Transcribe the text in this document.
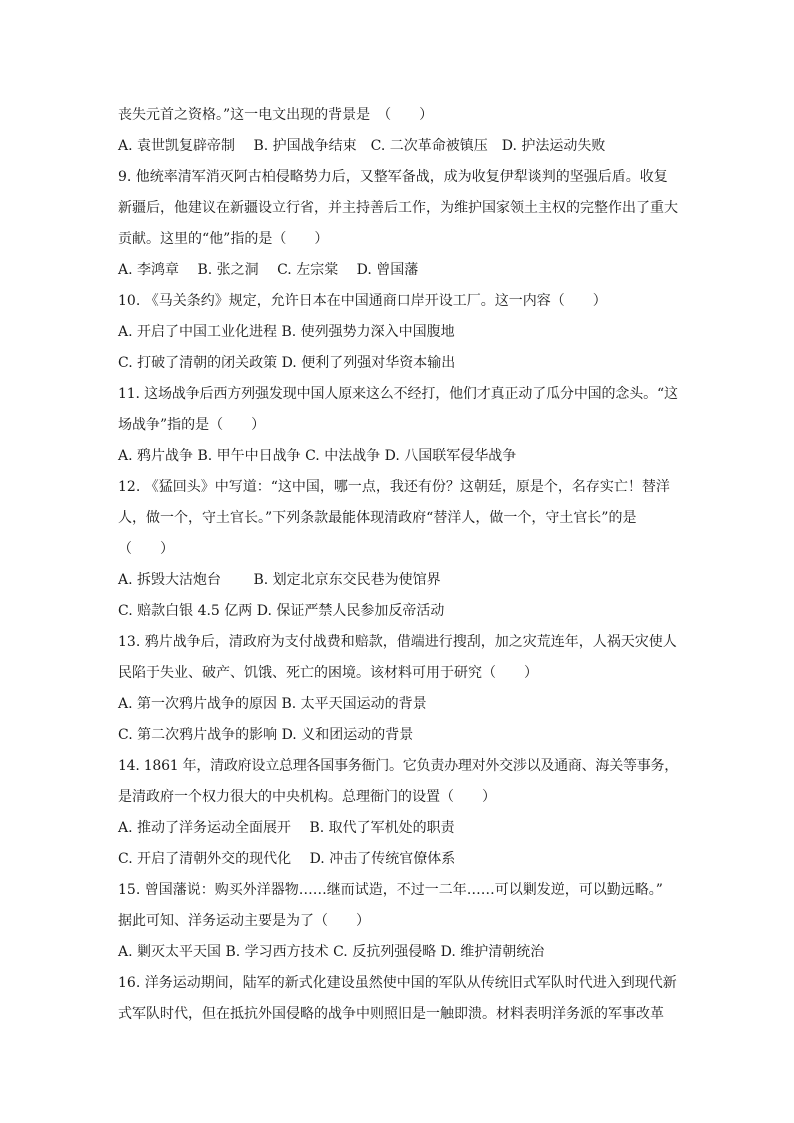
丧失元首之资格。”这一电文出现的背景是　（　　）
A. 袁世凯复辟帝制　 B. 护国战争结束　C. 二次革命被镇压　D. 护法运动失败
9. 他统率清军消灭阿古柏侵略势力后，又整军备战，成为收复伊犁谈判的坚强后盾。收复
新疆后，他建议在新疆设立行省，并主持善后工作，为维护国家领土主权的完整作出了重大
贡献。这里的“他”指的是（　　）
A. 李鸿章　 B. 张之洞　 C. 左宗棠　 D. 曾国藩
10. 《马关条约》规定，允许日本在中国通商口岸开设工厂。这一内容（　　）
A. 开启了中国工业化进程 B. 使列强势力深入中国腹地
C. 打破了清朝的闭关政策 D. 便利了列强对华资本输出
11. 这场战争后西方列强发现中国人原来这么不经打，他们才真正动了瓜分中国的念头。“这
场战争”指的是（　　）
A. 鸦片战争 B. 甲午中日战争 C. 中法战争 D. 八国联军侵华战争
12. 《猛回头》中写道：“这中国，哪一点，我还有份？这朝廷，原是个，名存实亡！替洋
人，做一个，守土官长。”下列条款最能体现清政府“替洋人，做一个，守土官长”的是
（　　）
A. 拆毁大沽炮台　　 B. 划定北京东交民巷为使馆界
C. 赔款白银 4.5 亿两 D. 保证严禁人民参加反帝活动
13. 鸦片战争后，清政府为支付战费和赔款，借端进行搜刮，加之灾荒连年，人祸天灾使人
民陷于失业、破产、饥饿、死亡的困境。该材料可用于研究（　　）
A. 第一次鸦片战争的原因 B. 太平天国运动的背景
C. 第二次鸦片战争的影响 D. 义和团运动的背景
14. 1861 年，清政府设立总理各国事务衙门。它负责办理对外交涉以及通商、海关等事务，
是清政府一个权力很大的中央机构。总理衙门的设置（　　）
A. 推动了洋务运动全面展开　 B. 取代了军机处的职责
C. 开启了清朝外交的现代化　 D. 冲击了传统官僚体系
15. 曾国藩说：购买外洋器物……继而试造，不过一二年……可以剿发逆，可以勤远略。”
据此可知、洋务运动主要是为了（　　）
A. 剿灭太平天国 B. 学习西方技术 C. 反抗列强侵略 D. 维护清朝统治
16. 洋务运动期间，陆军的新式化建设虽然使中国的军队从传统旧式军队时代进入到现代新
式军队时代，但在抵抗外国侵略的战争中则照旧是一触即溃。材料表明洋务派的军事改革
